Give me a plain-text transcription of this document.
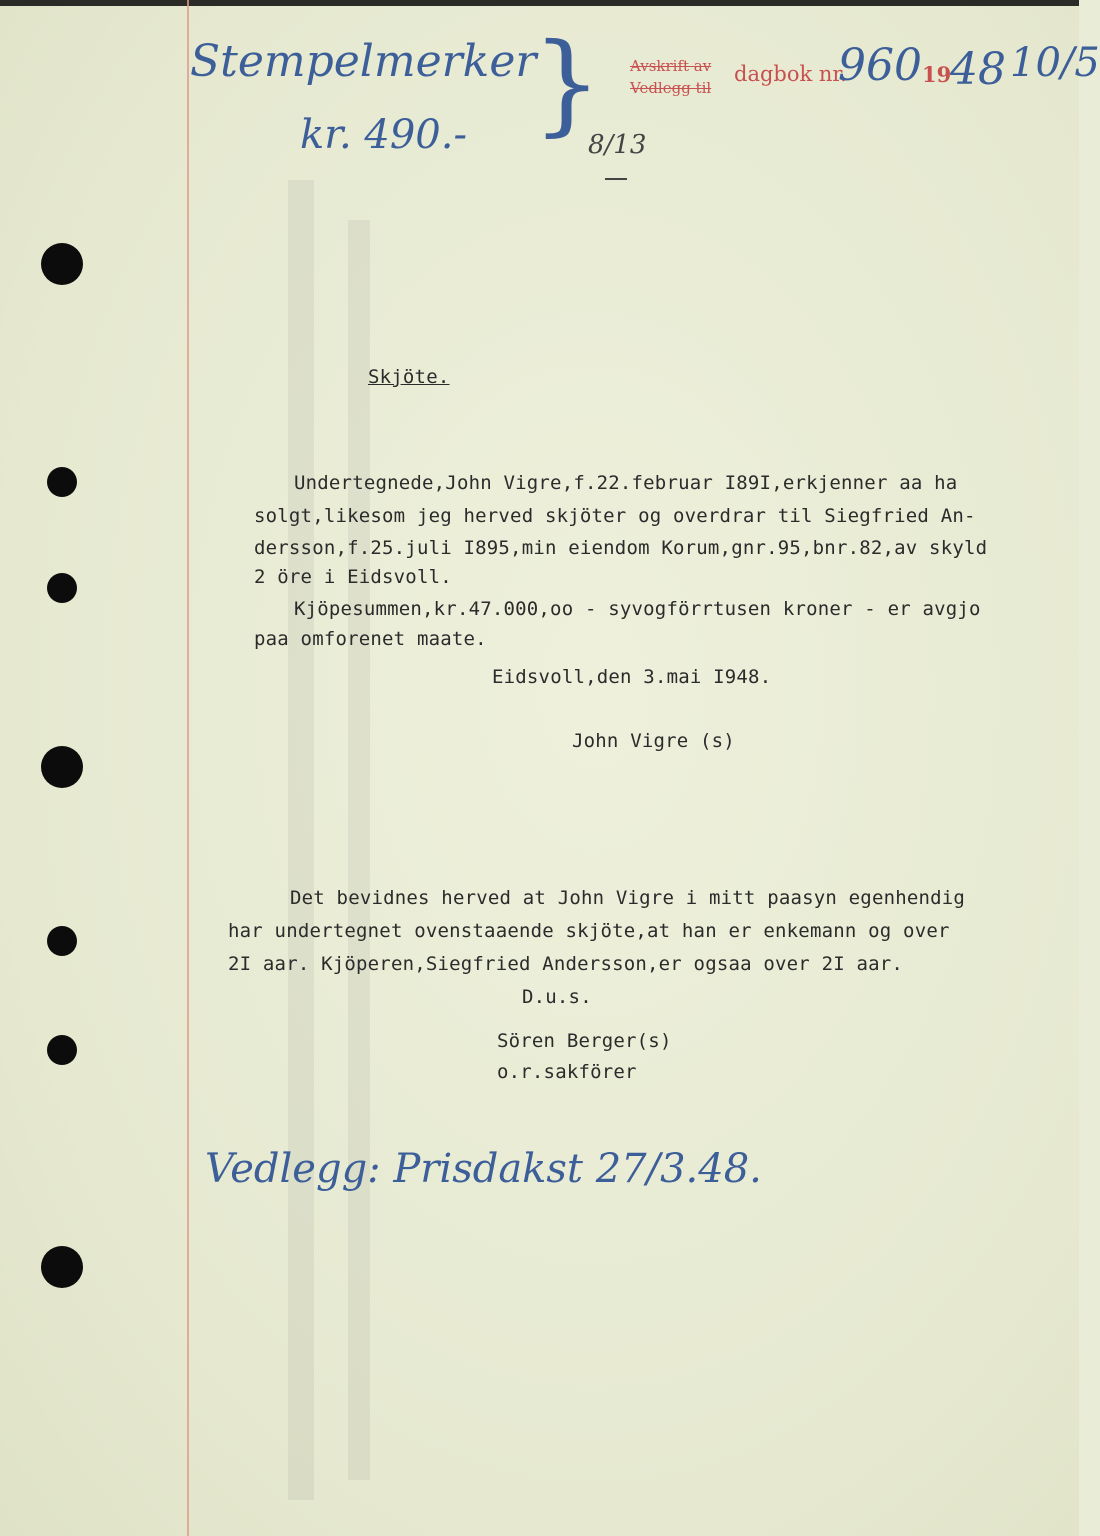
Stempelmerker
kr. 490.- }
8/13
Avskrift av
Vedlegg til
dagbok nr.
960 19
48 10/5
Skjöte.
Undertegnede,John Vigre,f.22.februar I89I,erkjenner aa ha
solgt,likesom jeg herved skjöter og overdrar til Siegfried An-
dersson,f.25.juli I895,min eiendom Korum,gnr.95,bnr.82,av skyld
2 öre i Eidsvoll.
Kjöpesummen,kr.47.000,oo - syvogförrtusen kroner - er avgjo
paa omforenet maate.
Eidsvoll,den 3.mai I948.
John Vigre (s)
Det bevidnes herved at John Vigre i mitt paasyn egenhendig
har undertegnet ovenstaaende skjöte,at han er enkemann og over
2I aar. Kjöperen,Siegfried Andersson,er ogsaa over 2I aar.
D.u.s.
Sören Berger(s)
o.r.sakförer
Vedlegg: Prisdakst 27/3.48.
